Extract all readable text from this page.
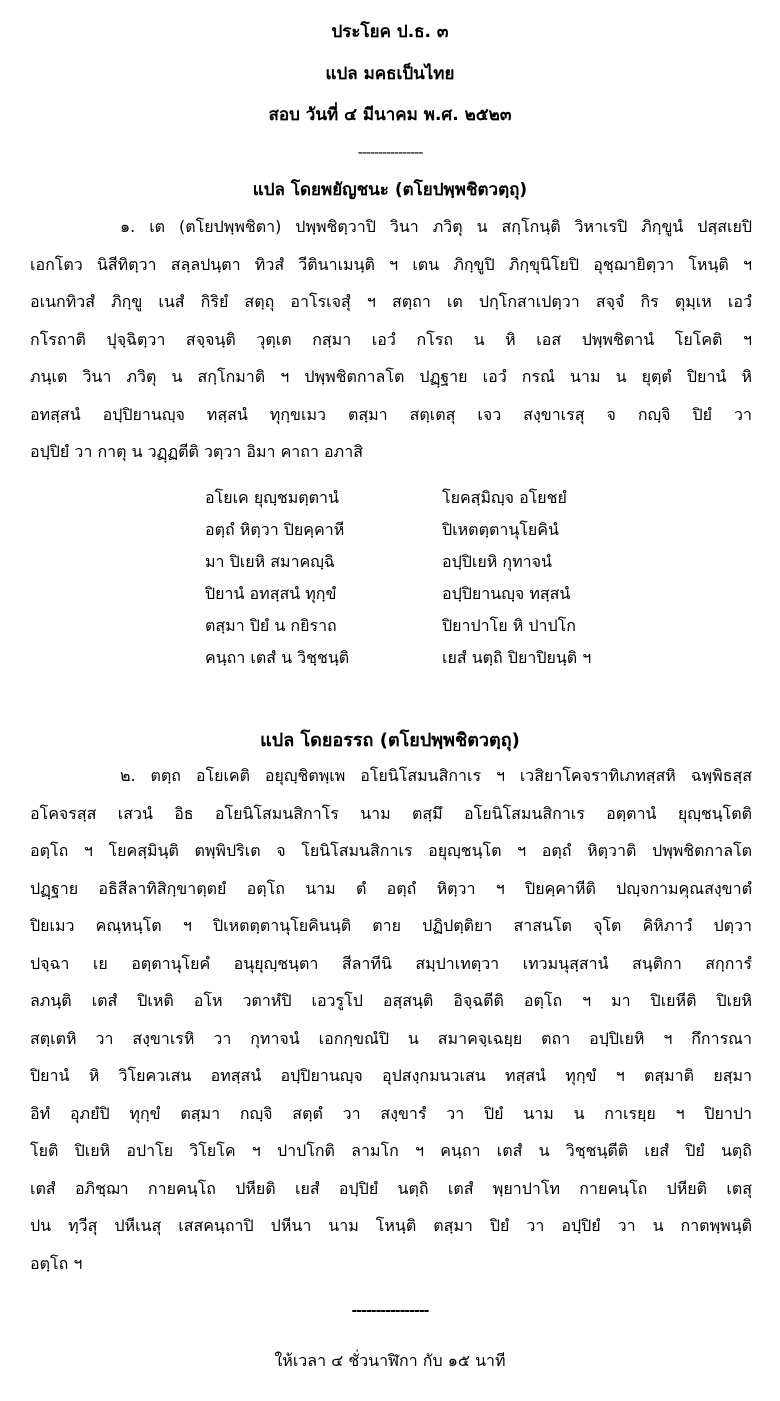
ประโยค ป.ธ. ๓
แปล มคธเป็นไทย
สอบ วันที่ ๔ มีนาคม พ.ศ. ๒๕๒๓
----------------
แปล โดยพยัญชนะ (ตโยปพฺพชิตวตฺถุ)
๑. เต (ตโยปพฺพชิตา) ปพฺพชิตฺวาปิ วินา ภวิตุ น สกฺโกนฺติ วิหาเรปิ ภิกฺขูนํ ปสฺสเยปิ
เอกโตว นิสีทิตฺวา สลฺลปนฺตา ทิวสํ วีตินาเมนฺติ ฯ เตน ภิกฺขูปิ ภิกฺขุนิโยปิ อุชฺฌายิตฺวา โหนฺติ ฯ
อเนกทิวสํ ภิกฺขู เนสํ กิริยํ สตฺถุ อาโรเจสุํ ฯ สตฺถา เต ปกฺโกสาเปตฺวา สจฺจํ กิร ตุมฺเห เอวํ
กโรถาติ ปุจฺฉิตฺวา สจฺจนฺติ วุตฺเต กสฺมา เอวํ กโรถ น หิ เอส ปพฺพชิตานํ โยโคติ ฯ
ภนฺเต วินา ภวิตุ น สกฺโกมาติ ฯ ปพฺพชิตกาลโต ปฏฺฐาย เอวํ กรณํ นาม น ยุตฺตํ ปิยานํ หิ
อทสฺสนํ อปฺปิยานญฺจ ทสฺสนํ ทุกฺขเมว ตสฺมา สตฺเตสุ เจว สงฺขาเรสุ จ กญฺจิ ปิยํ วา
อปฺปิยํ วา กาตุ น วฏฺฏตีติ วตฺวา อิมา คาถา อภาสิ
อโยเค ยุญฺชมตฺตานํ	โยคสฺมิญฺจ อโยชยํ
อตฺถํ หิตฺวา ปิยคฺคาหี	ปิเหตตฺตานุโยคินํ
มา ปิเยหิ สมาคญฺฉิ	อปฺปิเยหิ กุทาจนํ
ปิยานํ อทสฺสนํ ทุกฺขํ	อปฺปิยานญฺจ ทสฺสนํ
ตสฺมา ปิยํ น กยิราถ	ปิยาปาโย หิ ปาปโก
คนฺถา เตสํ น วิชฺชนฺติ	เยสํ นตฺถิ ปิยาปิยนฺติ ฯ
แปล โดยอรรถ (ตโยปพฺพชิตวตฺถุ)
๒. ตตฺถ อโยเคติ อยุญฺชิตพฺเพ อโยนิโสมนสิกาเร ฯ เวสิยาโคจราทิเภทสฺสหิ ฉพฺพิธสฺส
อโคจรสฺส เสวนํ อิธ อโยนิโสมนสิกาโร นาม ตสฺมึ อโยนิโสมนสิกาเร อตฺตานํ ยุญฺชนฺโตติ
อตฺโถ ฯ โยคสฺมินฺติ ตพฺพิปริเต จ โยนิโสมนสิกาเร อยุญฺชนฺโต ฯ อตฺถํ หิตฺวาติ ปพฺพชิตกาลโต
ปฏฺฐาย อธิสีลาทิสิกฺขาตฺตยํ อตฺโถ นาม ตํ อตฺถํ หิตฺวา ฯ ปิยคฺคาหีติ ปญฺจกามคุณสงฺขาตํ
ปิยเมว คณฺหนฺโต ฯ ปิเหตตฺตานุโยคินนฺติ ตาย ปฏิปตฺติยา สาสนโต จุโต คิหิภาวํ ปตฺวา
ปจฺฉา เย อตฺตานุโยคํ อนุยุญฺชนฺตา สีลาทีนิ สมฺปาเทตฺวา เทวมนุสฺสานํ สนฺติกา สกฺการํ
ลภนฺติ เตสํ ปิเหติ อโห วตาหํปิ เอวรูโป อสฺสนฺติ อิจฺฉตีติ อตฺโถ ฯ มา ปิเยหีติ ปิเยหิ
สตฺเตหิ วา สงฺขาเรหิ วา กุทาจนํ เอกกฺขณํปิ น สมาคจฺเฉยฺย ตถา อปฺปิเยหิ ฯ กึการณา
ปิยานํ หิ วิโยควเสน อทสฺสนํ อปฺปิยานญฺจ อุปสงฺกมนวเสน ทสฺสนํ ทุกฺขํ ฯ ตสฺมาติ ยสฺมา
อิทํ อุภยํปิ ทุกฺขํ ตสฺมา กญฺจิ สตฺตํ วา สงฺขารํ วา ปิยํ นาม น กาเรยฺย ฯ ปิยาปา
โยติ ปิเยหิ อปาโย วิโยโค ฯ ปาปโกติ ลามโก ฯ คนฺถา เตสํ น วิชฺชนฺตีติ เยสํ ปิยํ นตฺถิ
เตสํ อภิชฺฌา กายคนฺโถ ปหียติ เยสํ อปฺปิยํ นตฺถิ เตสํ พฺยาปาโท กายคนฺโถ ปหียติ เตสุ
ปน ทฺวีสุ ปหีเนสุ เสสคนฺถาปิ ปหีนา นาม โหนฺติ ตสฺมา ปิยํ วา อปฺปิยํ วา น กาตพฺพนฺติ
อตฺโถ ฯ
----------------
ให้เวลา ๔ ชั่วนาฬิกา กับ ๑๕ นาที
